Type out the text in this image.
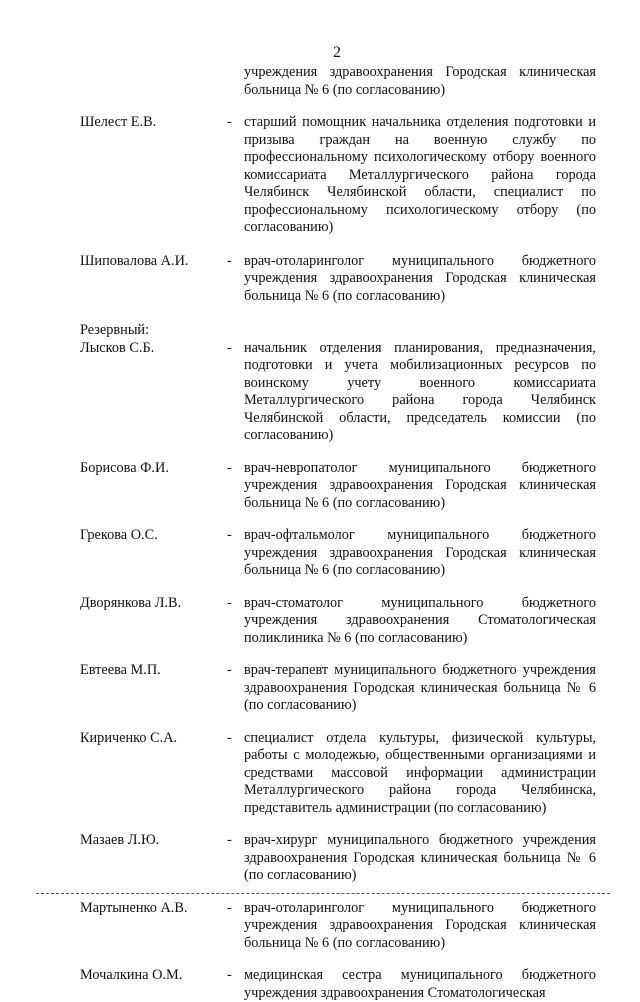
2
учреждения здравоохранения Городская клиническая больница № 6 (по согласованию)
Шелест Е.В.	- старший помощник начальника отделения подготовки и призыва граждан на военную службу по профессиональному психологическому отбору военного комиссариата Металлургического района города Челябинск Челябинской области, специалист по профессиональному психологическому отбору (по согласованию)
Шиповалова А.И.	- врач-отоларинголог муниципального бюджетного учреждения здравоохранения Городская клиническая больница № 6 (по согласованию)
Резервный:
Лысков С.Б.	- начальник отделения планирования, предназначения, подготовки и учета мобилизационных ресурсов по воинскому учету военного комиссариата Металлургического района города Челябинск Челябинской области, председатель комиссии (по согласованию)
Борисова Ф.И.	- врач-невропатолог муниципального бюджетного учреждения здравоохранения Городская клиническая больница № 6 (по согласованию)
Грекова О.С.	- врач-офтальмолог муниципального бюджетного учреждения здравоохранения Городская клиническая больница № 6 (по согласованию)
Дворянкова Л.В.	- врач-стоматолог муниципального бюджетного учреждения здравоохранения Стоматологическая поликлиника № 6 (по согласованию)
Евтеева М.П.	- врач-терапевт муниципального бюджетного учреждения здравоохранения Городская клиническая больница № 6 (по согласованию)
Кириченко С.А.	- специалист отдела культуры, физической культуры, работы с молодежью, общественными организациями и средствами массовой информации администрации Металлургического района города Челябинска, представитель администрации (по согласованию)
Мазаев Л.Ю.	- врач-хирург муниципального бюджетного учреждения здравоохранения Городская клиническая больница № 6 (по согласованию)
Мартыненко А.В.	- врач-отоларинголог муниципального бюджетного учреждения здравоохранения Городская клиническая больница № 6 (по согласованию)
Мочалкина О.М.	- медицинская сестра муниципального бюджетного учреждения здравоохранения Стоматологическая
